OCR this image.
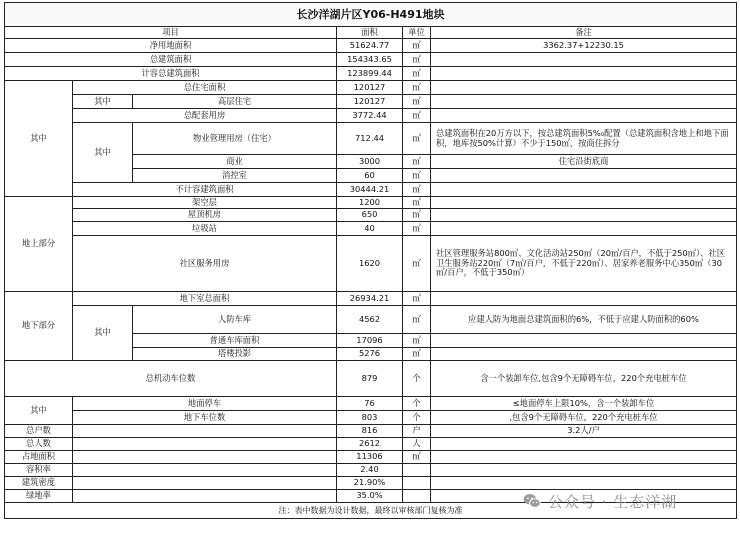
长沙洋湖片区Y06-H491地块					
项目			面积	单位	备注
净用地面积			51624.77	㎡	3362.37+12230.15
总建筑面积			154343.65	㎡	
计容总建筑面积			123899.44	㎡	
其中	总住宅面积		120127	㎡	
	其中	高层住宅	120127	㎡	
	总配套用房		3772.44	㎡	
	其中	物业管理用房（住宅）	712.44	㎡	总建筑面积在20万方以下，按总建筑面积5%₀配置（总建筑面积含地上和地下面积，地库按50%计算）不少于150㎡，按商住拆分
		商业	3000	㎡	住宅沿街底商
		消控室	60	㎡	
	不计容建筑面积		30444.21	㎡	
地上部分	架空层		1200	㎡	
	屋顶机房		650	㎡	
	垃圾站		40	㎡	
	社区服务用房		1620	㎡	社区管理服务站800㎡、文化活动站250㎡（20㎡/百户，不低于250㎡）、社区卫生服务站220㎡（7㎡/百户，不低于220㎡）、居家养老服务中心350㎡（30㎡/百户，不低于350㎡）
地下部分	地下室总面积		26934.21	㎡	
	其中	人防车库	4562	㎡	应建人防为地面总建筑面积的6%，不低于应建人防面积的60%
		普通车库面积	17096	㎡	
		塔楼投影	5276	㎡	
总机动车位数			879	个	含一个装卸车位,包含9个无障碍车位，220个充电桩车位
其中	地面停车		76	个	≤地面停车上限10%，含一个装卸车位
	地下车位数		803	个	,包含9个无障碍车位，220个充电桩车位
总户数			816	户	3.2人/户
总人数			2612	人	
占地面积			11306	㎡	
容积率			2.40		
建筑密度			21.90%		
绿地率			35.0%		
注：表中数据为设计数据，最终以审核部门复核为准						公众号 · 生态洋湖
